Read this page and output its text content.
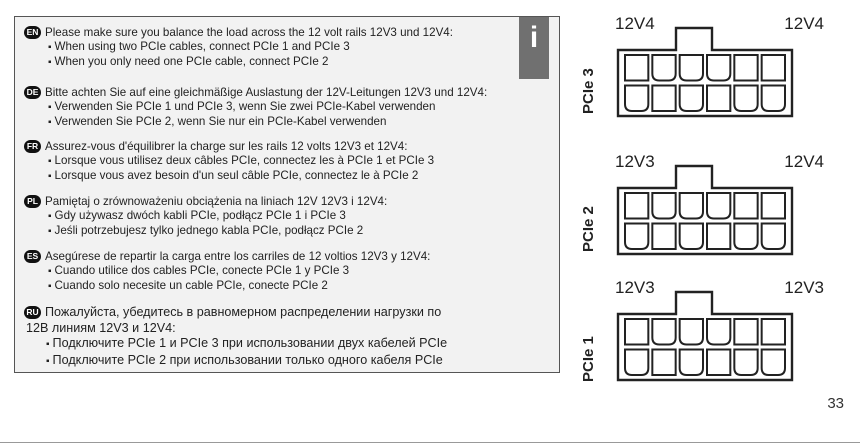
i
EN Please make sure you balance the load across the 12 volt rails 12V3 und 12V4:
▪ When using two PCIe cables, connect PCIe 1 and PCIe 3
▪ When you only need one PCIe cable, connect PCIe 2
DE Bitte achten Sie auf eine gleichmäßige Auslastung der 12V-Leitungen 12V3 und 12V4:
▪ Verwenden Sie PCIe 1 und PCIe 3, wenn Sie zwei PCIe-Kabel verwenden
▪ Verwenden Sie PCIe 2, wenn Sie nur ein PCIe-Kabel verwenden
FR Assurez-vous d'équilibrer la charge sur les rails 12 volts 12V3 et 12V4:
▪ Lorsque vous utilisez deux câbles PCIe, connectez les à PCIe 1 et PCIe 3
▪ Lorsque vous avez besoin d'un seul câble PCIe, connectez le à PCIe 2
PL Pamiętaj o zrównoważeniu obciążenia na liniach 12V 12V3 i 12V4:
▪ Gdy używasz dwóch kabli PCIe, podłącz PCIe 1 i PCIe 3
▪ Jeśli potrzebujesz tylko jednego kabla PCIe, podłącz PCIe 2
ES Asegúrese de repartir la carga entre los carriles de 12 voltios 12V3 y 12V4:
▪ Cuando utilice dos cables PCIe, conecte PCIe 1 y PCIe 3
▪ Cuando solo necesite un cable PCIe, conecte PCIe 2
RU Пожалуйста, убедитесь в равномерном распределении нагрузки по
12В линиям 12V3 и 12V4:
▪ Подключите PCIe 1 и PCIe 3 при использовании двух кабелей PCIe
▪ Подключите PCIe 2 при использовании только одного кабеля PCIe
12V4	12V4
PCIe 3
12V3	12V4
PCIe 2
12V3	12V3
PCIe 1
33
